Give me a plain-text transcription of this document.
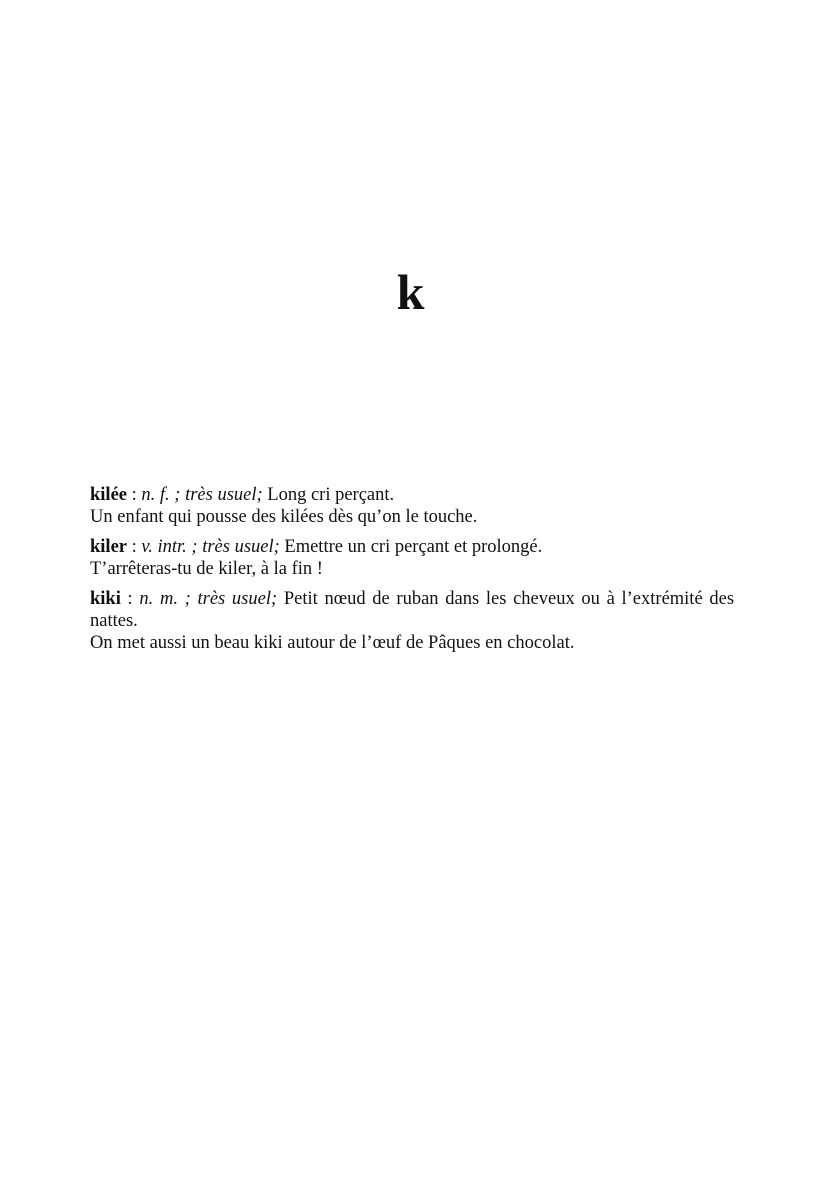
k
kilée : n. f. ; très usuel; Long cri perçant.
Un enfant qui pousse des kilées dès qu’on le touche.
kiler : v. intr. ; très usuel; Emettre un cri perçant et prolongé.
T’arrêteras-tu de kiler, à la fin !
kiki : n. m. ; très usuel; Petit nœud de ruban dans les cheveux ou à l’extrémité des nattes.
On met aussi un beau kiki autour de l’œuf de Pâques en chocolat.
